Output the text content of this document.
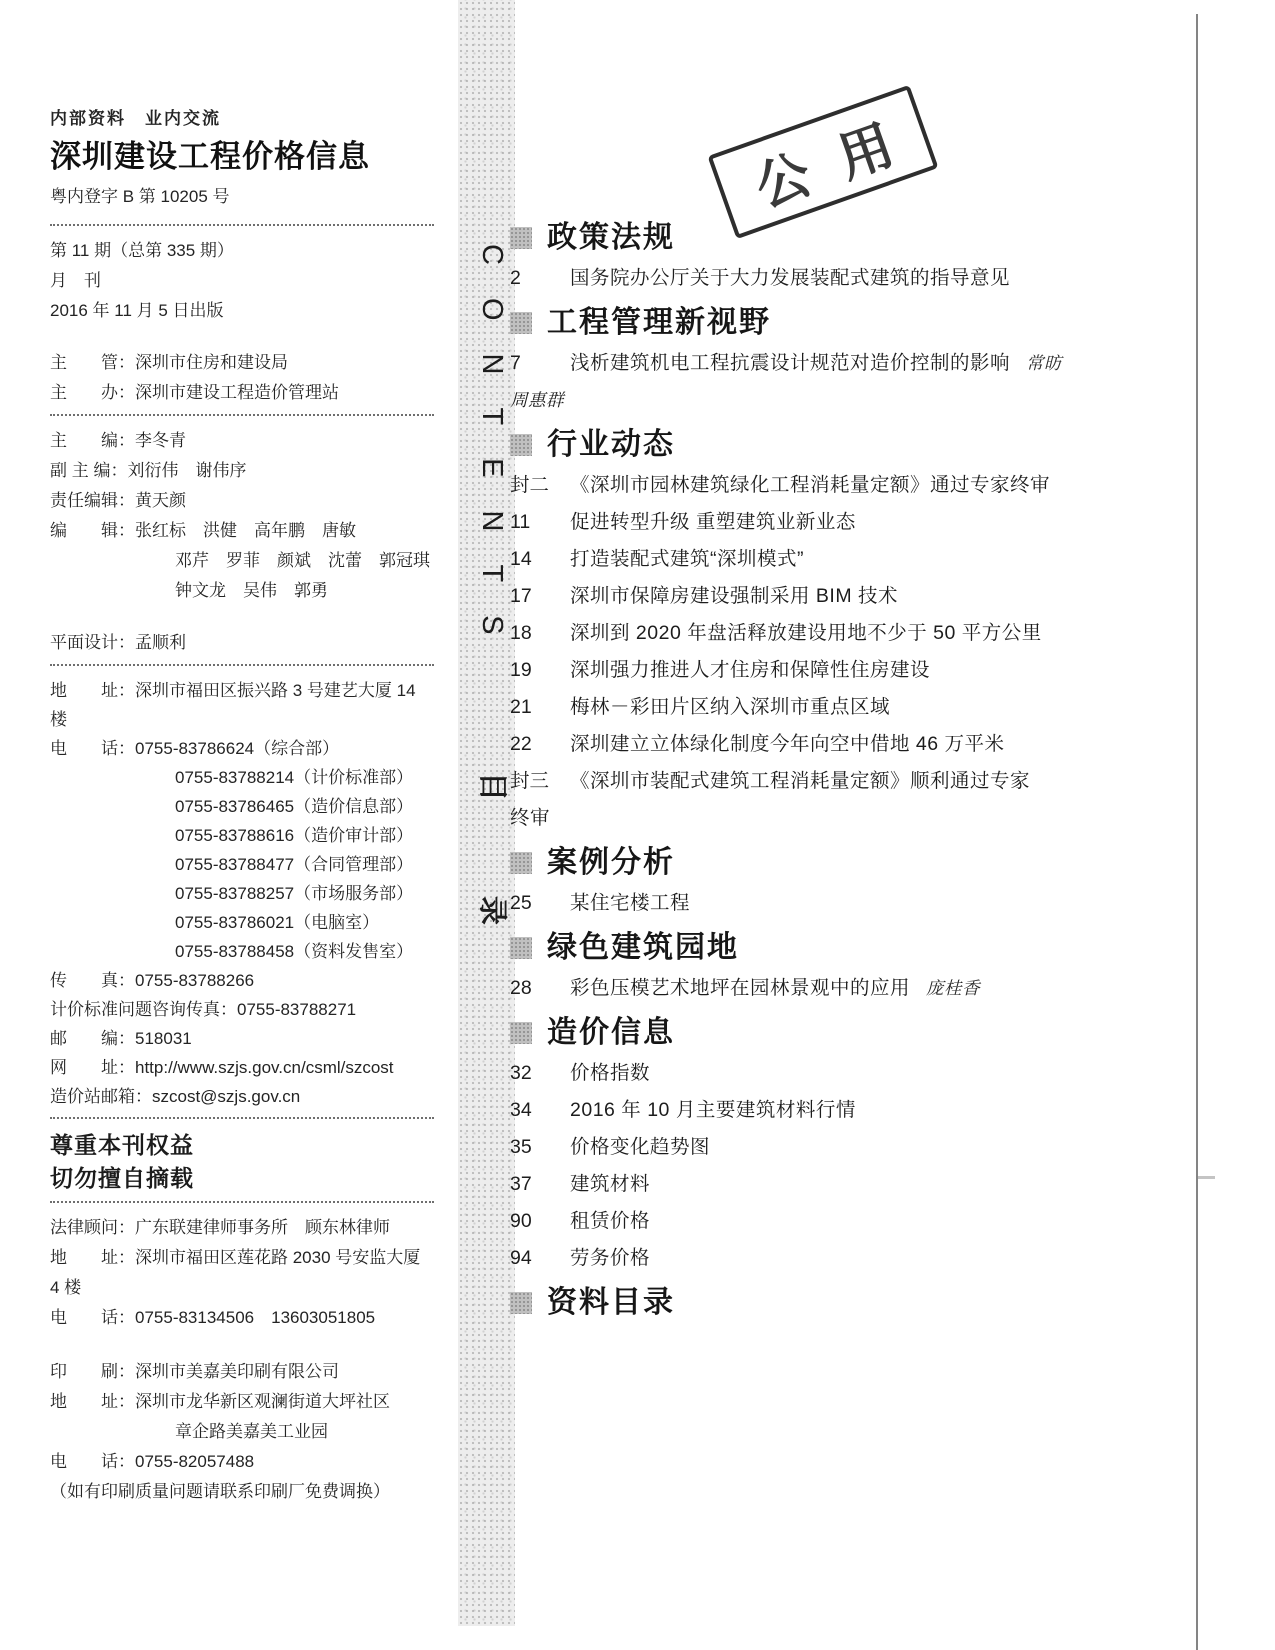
内部资料　业内交流
深圳建设工程价格信息
粤内登字 B 第 10205 号
第 11 期（总第 335 期）
月　刊
2016 年 11 月 5 日出版
主　　管：深圳市住房和建设局
主　　办：深圳市建设工程造价管理站
主　　编：李冬青
副 主 编：刘衍伟　谢伟序
责任编辑：黄天颜
编　　辑：张红标　洪健　高年鹏　唐敏
邓芹　罗菲　颜斌　沈蕾　郭冠琪
钟文龙　吴伟　郭勇
平面设计：孟顺利
地　　址：深圳市福田区振兴路 3 号建艺大厦 14 楼
电　　话：0755-83786624（综合部）
0755-83788214（计价标准部）
0755-83786465（造价信息部）
0755-83788616（造价审计部）
0755-83788477（合同管理部）
0755-83788257（市场服务部）
0755-83786021（电脑室）
0755-83788458（资料发售室）
传　　真：0755-83788266
计价标准问题咨询传真：0755-83788271
邮　　编：518031
网　　址：http://www.szjs.gov.cn/csml/szcost
造价站邮箱：szcost@szjs.gov.cn
尊重本刊权益
切勿擅自摘载
法律顾问：广东联建律师事务所　顾东林律师
地　　址：深圳市福田区莲花路 2030 号安监大厦 4 楼
电　　话：0755-83134506　13603051805
印　　刷：深圳市美嘉美印刷有限公司
地　　址：深圳市龙华新区观澜街道大坪社区
章企路美嘉美工业园
电　　话：0755-82057488
（如有印刷质量问题请联系印刷厂免费调换）
CONTENTS目　录
公用
政策法规
2	国务院办公厅关于大力发展装配式建筑的指导意见
工程管理新视野
7	浅析建筑机电工程抗震设计规范对造价控制的影响 常昉
周惠群
行业动态
封二	《深圳市园林建筑绿化工程消耗量定额》通过专家终审
11	促进转型升级 重塑建筑业新业态
14	打造装配式建筑“深圳模式”
17	深圳市保障房建设强制采用 BIM 技术
18	深圳到 2020 年盘活释放建设用地不少于 50 平方公里
19	深圳强力推进人才住房和保障性住房建设
21	梅林－彩田片区纳入深圳市重点区域
22	深圳建立立体绿化制度今年向空中借地 46 万平米
封三	《深圳市装配式建筑工程消耗量定额》顺利通过专家
终审
案例分析
25	某住宅楼工程
绿色建筑园地
28	彩色压模艺术地坪在园林景观中的应用 庞桂香
造价信息
32	价格指数
34	2016 年 10 月主要建筑材料行情
35	价格变化趋势图
37	建筑材料
90	租赁价格
94	劳务价格
资料目录
